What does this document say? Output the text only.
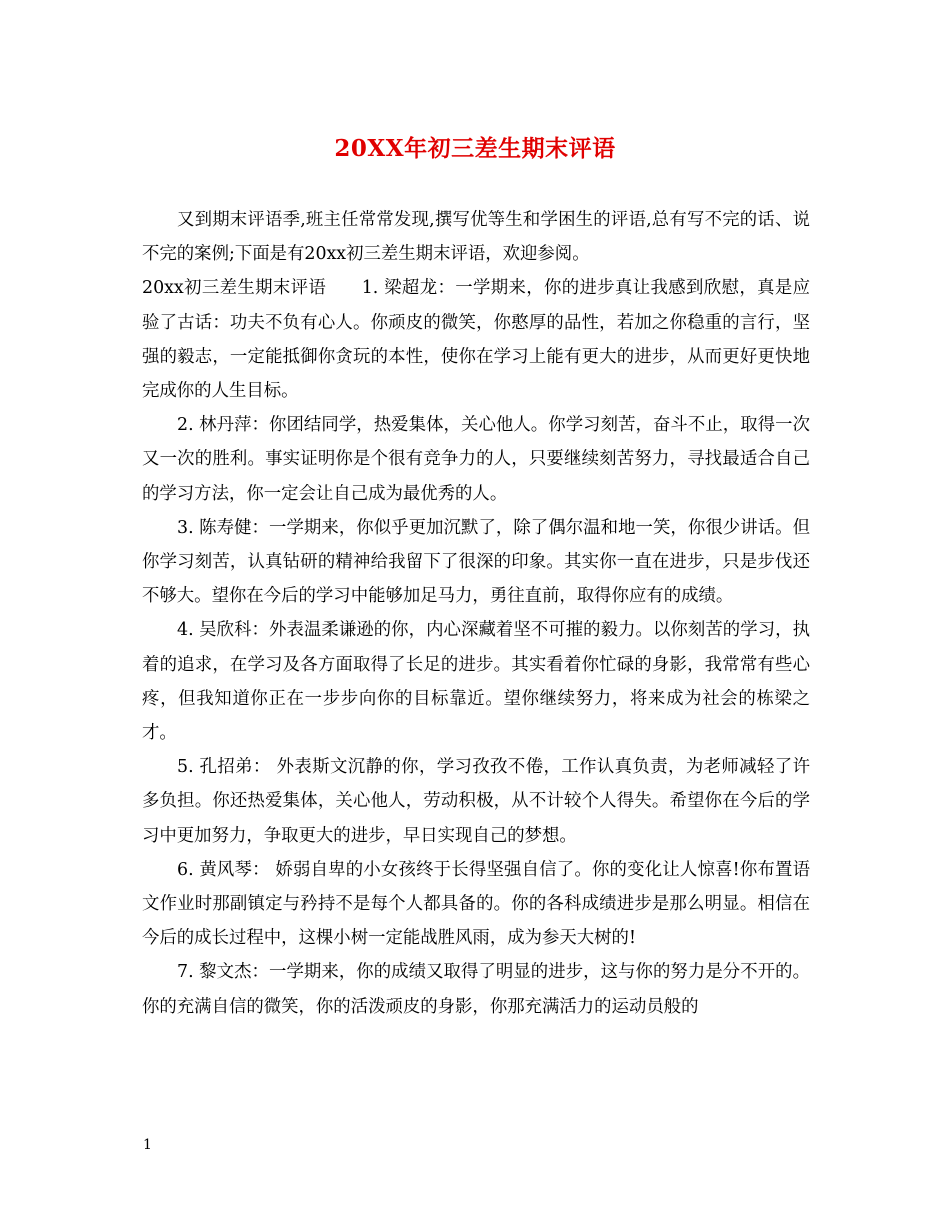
20XX年初三差生期末评语

又到期末评语季,班主任常常发现,撰写优等生和学困生的评语,总有写不完的话、说不完的案例;下面是有20xx初三差生期末评语，欢迎参阅。

20xx初三差生期末评语　　1. 梁超龙：一学期来，你的进步真让我感到欣慰，真是应验了古话：功夫不负有心人。你顽皮的微笑，你憨厚的品性，若加之你稳重的言行，坚强的毅志，一定能抵御你贪玩的本性，使你在学习上能有更大的进步，从而更好更快地完成你的人生目标。

2. 林丹萍：你团结同学，热爱集体，关心他人。你学习刻苦，奋斗不止，取得一次又一次的胜利。事实证明你是个很有竞争力的人，只要继续刻苦努力，寻找最适合自己的学习方法，你一定会让自己成为最优秀的人。

3. 陈寿健：一学期来，你似乎更加沉默了，除了偶尔温和地一笑，你很少讲话。但你学习刻苦，认真钻研的精神给我留下了很深的印象。其实你一直在进步，只是步伐还不够大。望你在今后的学习中能够加足马力，勇往直前，取得你应有的成绩。

4. 吴欣科：外表温柔谦逊的你，内心深藏着坚不可摧的毅力。以你刻苦的学习，执着的追求，在学习及各方面取得了长足的进步。其实看着你忙碌的身影，我常常有些心疼，但我知道你正在一步步向你的目标靠近。望你继续努力，将来成为社会的栋梁之才。

5. 孔招弟： 外表斯文沉静的你，学习孜孜不倦，工作认真负责，为老师减轻了许多负担。你还热爱集体，关心他人，劳动积极，从不计较个人得失。希望你在今后的学习中更加努力，争取更大的进步，早日实现自己的梦想。

6. 黄风琴： 娇弱自卑的小女孩终于长得坚强自信了。你的变化让人惊喜!你布置语文作业时那副镇定与矜持不是每个人都具备的。你的各科成绩进步是那么明显。相信在今后的成长过程中，这棵小树一定能战胜风雨，成为参天大树的!

7. 黎文杰：一学期来，你的成绩又取得了明显的进步，这与你的努力是分不开的。你的充满自信的微笑，你的活泼顽皮的身影，你那充满活力的运动员般的

1
